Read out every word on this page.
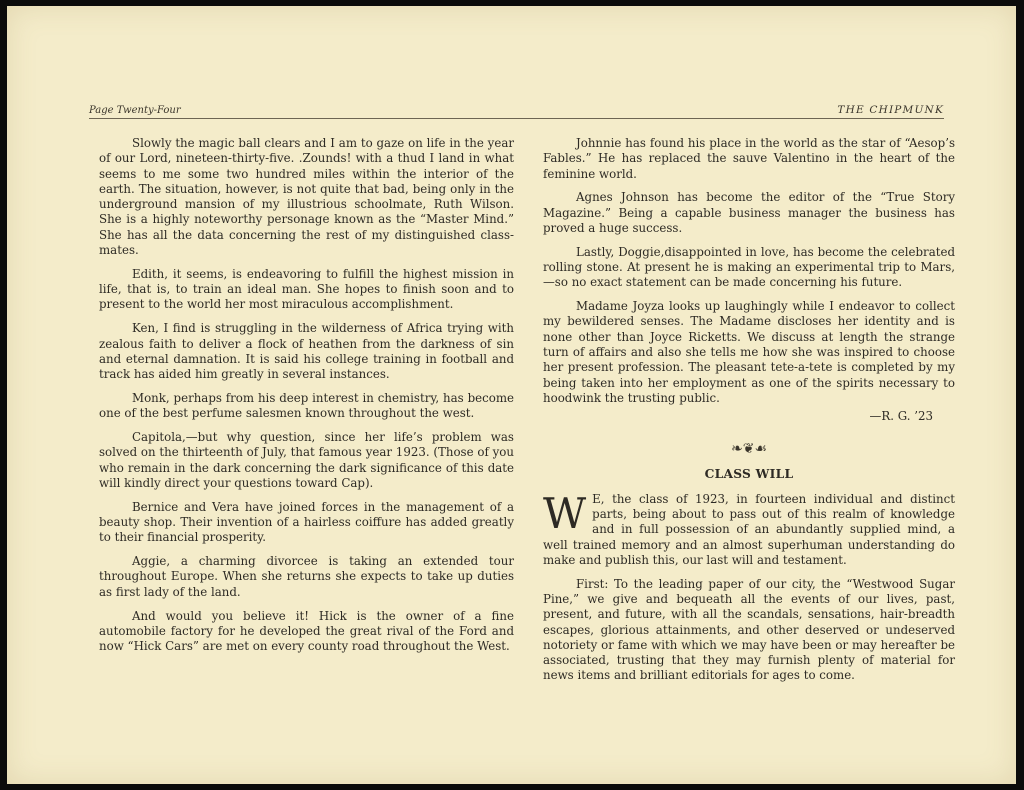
Page Twenty-Four	THE CHIPMUNK

Slowly the magic ball clears and I am to gaze on life in the year of our Lord, nineteen-thirty-five. .Zounds! with a thud I land in what seems to me some two hundred miles within the interior of the earth. The situation, however, is not quite that bad, being only in the underground mansion of my illustrious schoolmate, Ruth Wilson. She is a highly noteworthy personage known as the “Master Mind.” She has all the data concerning the rest of my distinguished class-mates.

Edith, it seems, is endeavoring to fulfill the highest mission in life, that is, to train an ideal man. She hopes to finish soon and to present to the world her most miraculous accomplishment.

Ken, I find is struggling in the wilderness of Africa trying with zealous faith to deliver a flock of heathen from the darkness of sin and eternal damnation. It is said his college training in football and track has aided him greatly in several instances.

Monk, perhaps from his deep interest in chemistry, has become one of the best perfume salesmen known throughout the west.

Capitola,—but why question, since her life’s problem was solved on the thirteenth of July, that famous year 1923. (Those of you who remain in the dark concerning the dark significance of this date will kindly direct your questions toward Cap).

Bernice and Vera have joined forces in the management of a beauty shop. Their invention of a hairless coiffure has added greatly to their financial prosperity.

Aggie, a charming divorcee is taking an extended tour throughout Europe. When she returns she expects to take up duties as first lady of the land.

And would you believe it! Hick is the owner of a fine automobile factory for he developed the great rival of the Ford and now “Hick Cars” are met on every county road throughout the West.

Johnnie has found his place in the world as the star of “Aesop’s Fables.” He has replaced the sauve Valentino in the heart of the feminine world.

Agnes Johnson has become the editor of the “True Story Magazine.” Being a capable business manager the business has proved a huge success.

Lastly, Doggie,disappointed in love, has become the celebrated rolling stone. At present he is making an experimental trip to Mars,—so no exact statement can be made concerning his future.

Madame Joyza looks up laughingly while I endeavor to collect my bewildered senses. The Madame discloses her identity and is none other than Joyce Ricketts. We discuss at length the strange turn of affairs and also she tells me how she was inspired to choose her present profession. The pleasant tete-a-tete is completed by my being taken into her employment as one of the spirits necessary to hoodwink the trusting public.

—R. G. ’23
❧❦☙
CLASS WILL

W E, the class of 1923, in fourteen individual and distinct parts, being about to pass out of this realm of knowledge and in full possession of an abundantly supplied mind, a well trained memory and an almost superhuman understanding do make and publish this, our last will and testament.

First: To the leading paper of our city, the “Westwood Sugar Pine,” we give and bequeath all the events of our lives, past, present, and future, with all the scandals, sensations, hair-breadth escapes, glorious attainments, and other deserved or undeserved notoriety or fame with which we may have been or may hereafter be associated, trusting that they may furnish plenty of material for news items and brilliant editorials for ages to come.
